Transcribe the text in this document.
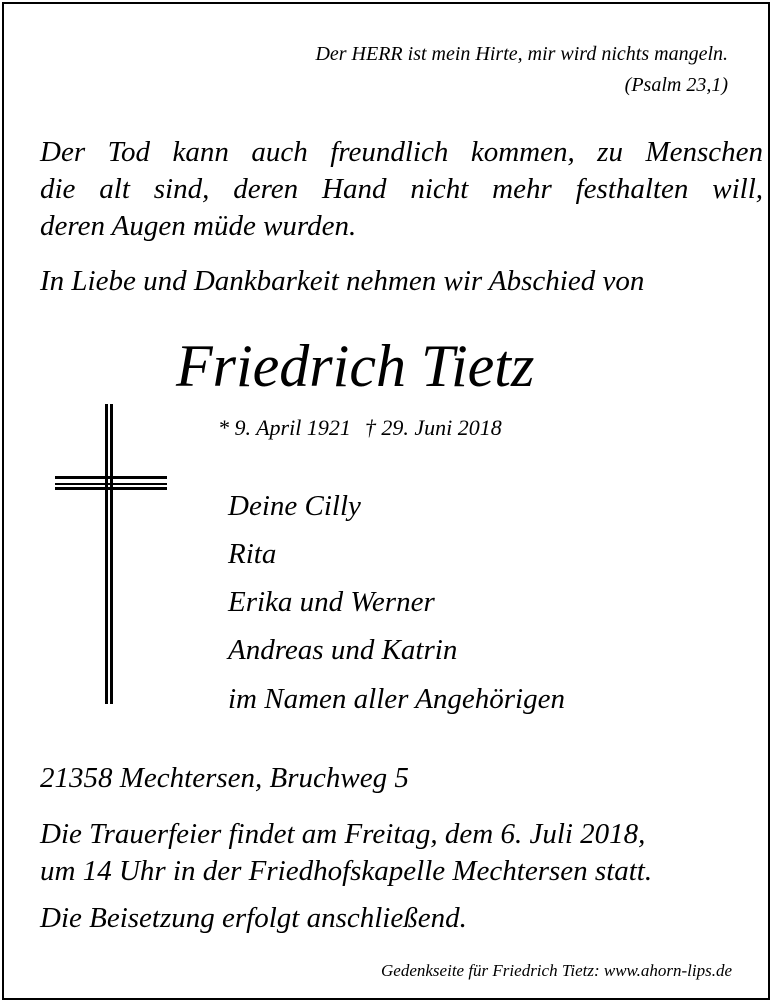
Der HERR ist mein Hirte, mir wird nichts mangeln.
(Psalm 23,1)
Der Tod kann auch freundlich kommen, zu Menschen
die alt sind, deren Hand nicht mehr festhalten will,
deren Augen müde wurden.
In Liebe und Dankbarkeit nehmen wir Abschied von
Friedrich Tietz
* 9. April 1921 † 29. Juni 2018
Deine Cilly
Rita
Erika und Werner
Andreas und Katrin
im Namen aller Angehörigen
21358 Mechtersen, Bruchweg 5
Die Trauerfeier findet am Freitag, dem 6. Juli 2018,
um 14 Uhr in der Friedhofskapelle Mechtersen statt.
Die Beisetzung erfolgt anschließend.
Gedenkseite für Friedrich Tietz: www.ahorn-lips.de
